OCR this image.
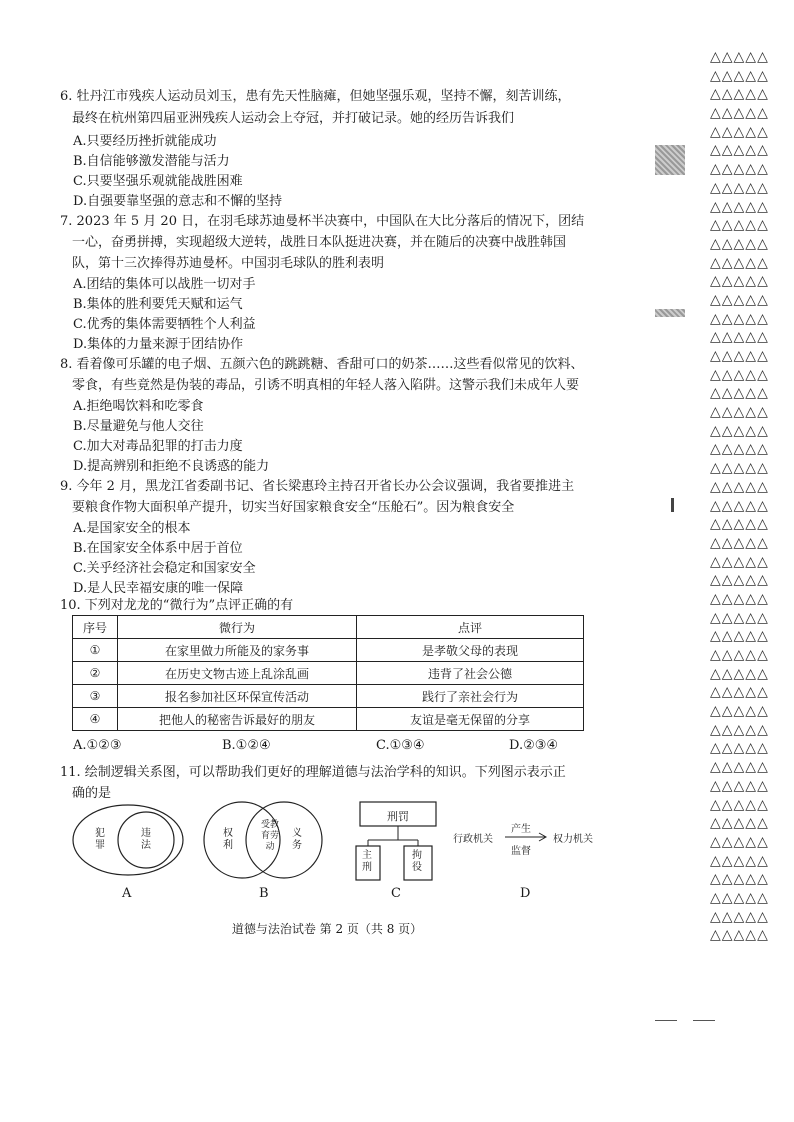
6. 牡丹江市残疾人运动员刘玉，患有先天性脑瘫，但她坚强乐观，坚持不懈，刻苦训练，
最终在杭州第四届亚洲残疾人运动会上夺冠，并打破记录。她的经历告诉我们
A.只要经历挫折就能成功
B.自信能够激发潜能与活力
C.只要坚强乐观就能战胜困难
D.自强要靠坚强的意志和不懈的坚持
7. 2023 年 5 月 20 日，在羽毛球苏迪曼杯半决赛中，中国队在大比分落后的情况下，团结
一心，奋勇拼搏，实现超级大逆转，战胜日本队挺进决赛，并在随后的决赛中战胜韩国
队，第十三次捧得苏迪曼杯。中国羽毛球队的胜利表明
A.团结的集体可以战胜一切对手
B.集体的胜利要凭天赋和运气
C.优秀的集体需要牺牲个人利益
D.集体的力量来源于团结协作
8. 看着像可乐罐的电子烟、五颜六色的跳跳糖、香甜可口的奶茶……这些看似常见的饮料、
零食，有些竟然是伪装的毒品，引诱不明真相的年轻人落入陷阱。这警示我们未成年人要
A.拒绝喝饮料和吃零食
B.尽量避免与他人交往
C.加大对毒品犯罪的打击力度
D.提高辨别和拒绝不良诱惑的能力
9. 今年 2 月，黑龙江省委副书记、省长梁惠玲主持召开省长办公会议强调，我省要推进主
要粮食作物大面积单产提升，切实当好国家粮食安全“压舱石”。因为粮食安全
A.是国家安全的根本
B.在国家安全体系中居于首位
C.关乎经济社会稳定和国家安全
D.是人民幸福安康的唯一保障
10. 下列对龙龙的“微行为”点评正确的有
序号	微行为	点评
①	在家里做力所能及的家务事	是孝敬父母的表现
②	在历史文物古迹上乱涂乱画	违背了社会公德
③	报名参加社区环保宣传活动	践行了亲社会行为
④	把他人的秘密告诉最好的朋友	友谊是毫无保留的分享
A.①②③	B.①②④	C.①③④	D.②③④
11. 绘制逻辑关系图，可以帮助我们更好的理解道德与法治学科的知识。下列图示表示正
确的是
犯罪
违法
权利
受教育劳动
义务
刑罚
主刑
拘役
行政机关	权力机关
产生
监督
A	B	C	D
道德与法治试卷 第 2 页（共 8 页）
△△△△△
△△△△△
△△△△△
△△△△△
△△△△△
△△△△△
△△△△△
△△△△△
△△△△△
△△△△△
△△△△△
△△△△△
△△△△△
△△△△△
△△△△△
△△△△△
△△△△△
△△△△△
△△△△△
△△△△△
△△△△△
△△△△△
△△△△△
△△△△△
△△△△△
△△△△△
△△△△△
△△△△△
△△△△△
△△△△△
△△△△△
△△△△△
△△△△△
△△△△△
△△△△△
△△△△△
△△△△△
△△△△△
△△△△△
△△△△△
△△△△△
△△△△△
△△△△△
△△△△△
△△△△△
△△△△△
△△△△△
△△△△△
